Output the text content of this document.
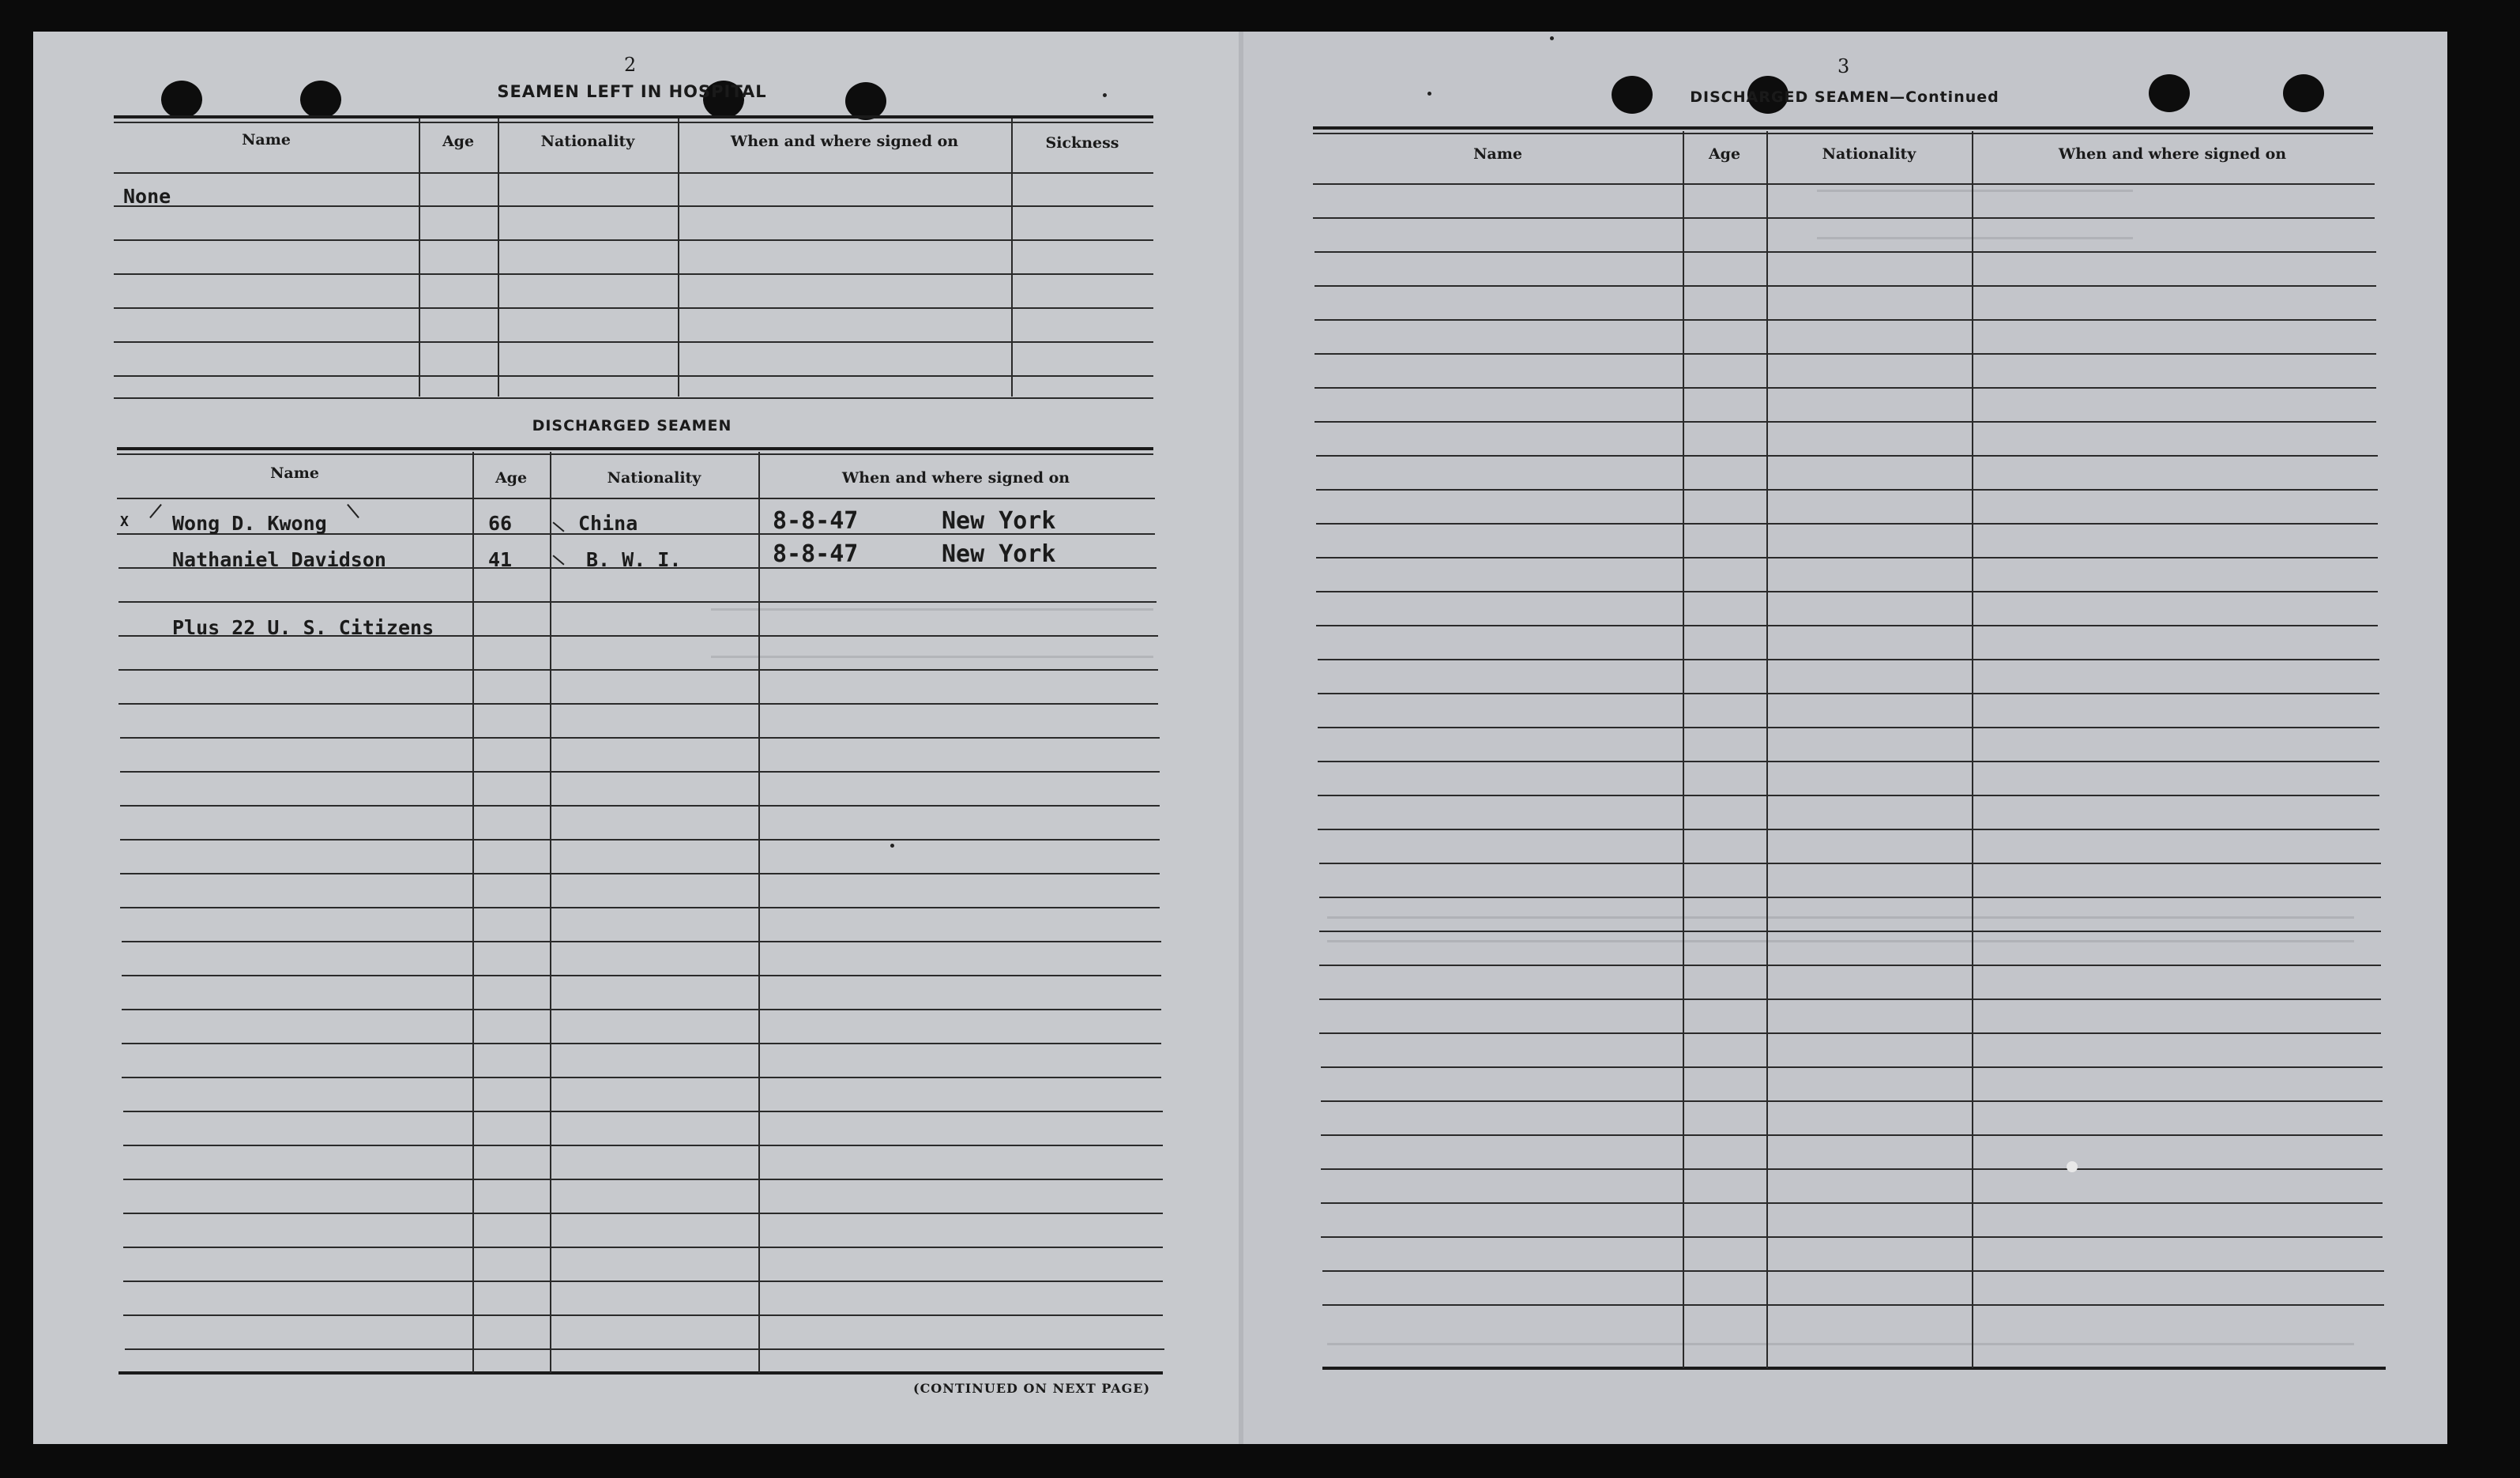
2
SEAMEN LEFT IN HOSPITAL
Name	Age	Nationality	When and where signed on	Sickness
None
DISCHARGED SEAMEN
Name	Age	Nationality	When and where signed on
X Wong D. Kwong	66	China	8-8-47	New York
Nathaniel Davidson	41	B. W. I.	8-8-47	New York
Plus 22 U. S. Citizens
(CONTINUED ON NEXT PAGE)
3
DISCHARGED SEAMEN—Continued
Name	Age	Nationality	When and where signed on
